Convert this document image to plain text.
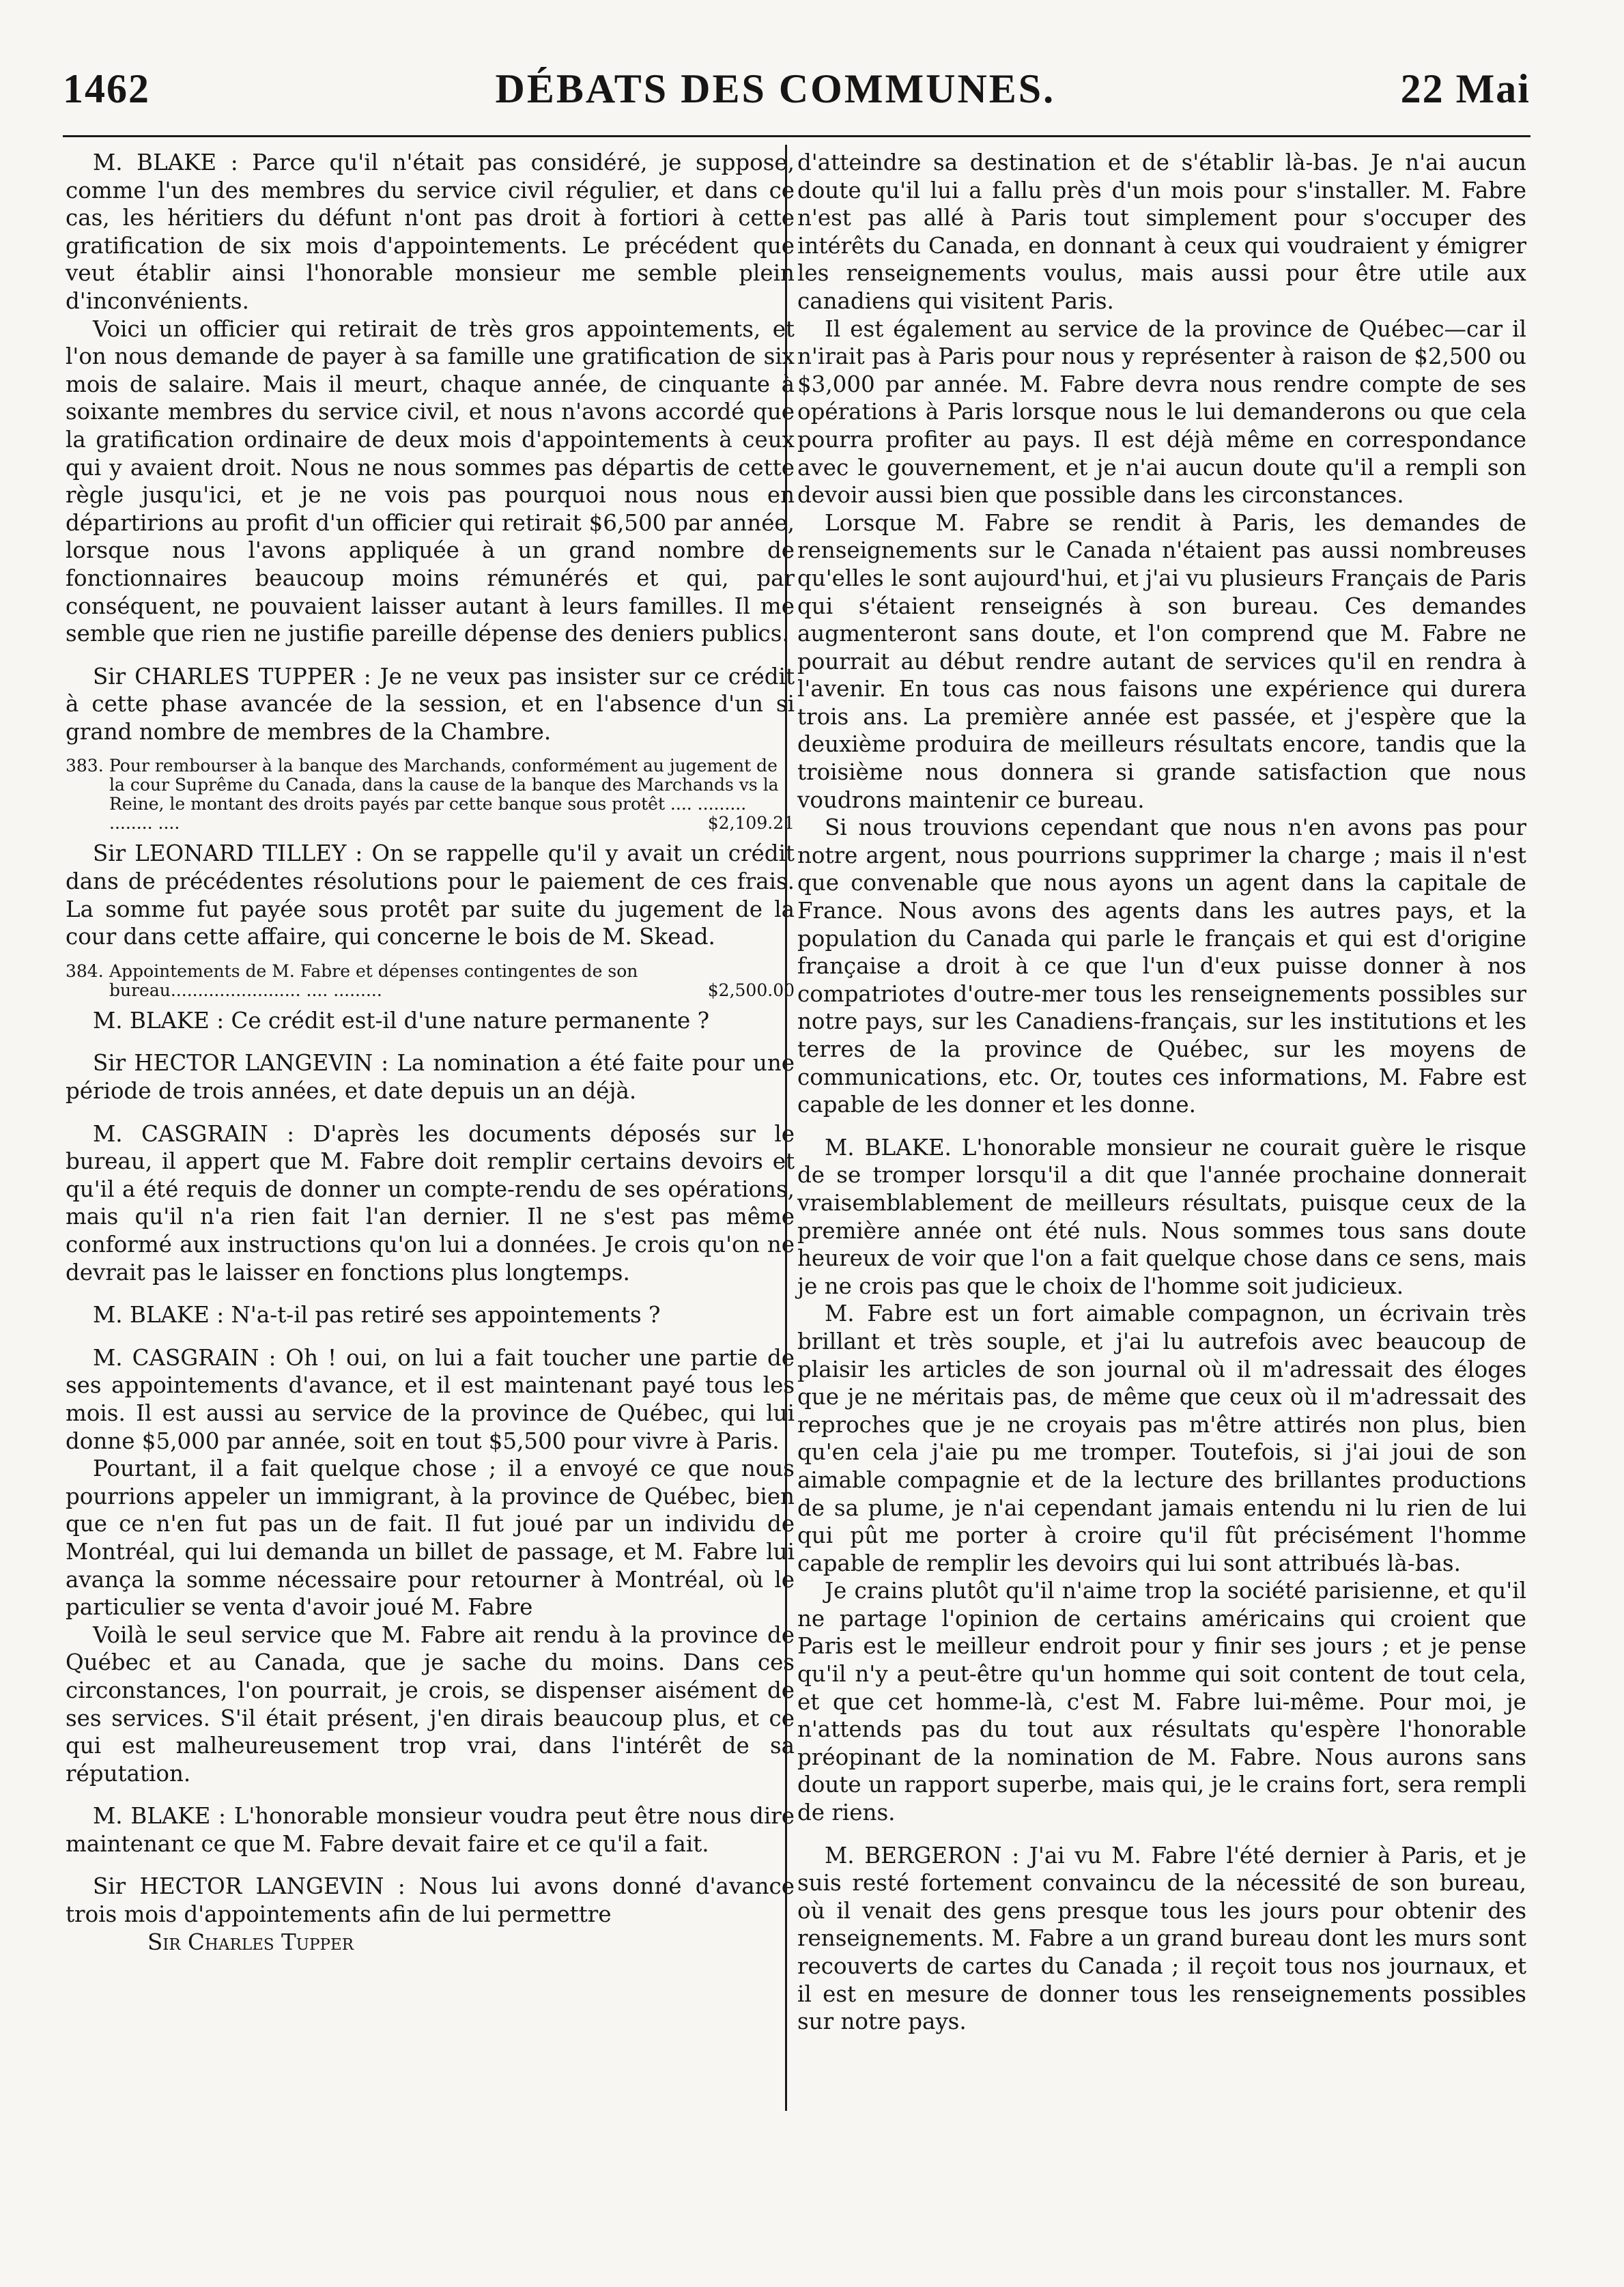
1462	DÉBATS DES COMMUNES.	22 Mai

M. BLAKE : Parce qu'il n'était pas considéré, je suppose, comme l'un des membres du service civil régulier, et dans ce cas, les héritiers du défunt n'ont pas droit à fortiori à cette gratification de six mois d'appointements. Le précédent que veut établir ainsi l'honorable monsieur me semble plein d'inconvénients.

Voici un officier qui retirait de très gros appointements, et l'on nous demande de payer à sa famille une gratification de six mois de salaire. Mais il meurt, chaque année, de cinquante à soixante membres du service civil, et nous n'avons accordé que la gratification ordinaire de deux mois d'appointements à ceux qui y avaient droit. Nous ne nous sommes pas départis de cette règle jusqu'ici, et je ne vois pas pourquoi nous nous en départirions au profit d'un officier qui retirait $6,500 par année, lorsque nous l'avons appliquée à un grand nombre de fonctionnaires beaucoup moins rémunérés et qui, par conséquent, ne pouvaient laisser autant à leurs familles. Il me semble que rien ne justifie pareille dépense des deniers publics.

Sir CHARLES TUPPER : Je ne veux pas insister sur ce crédit à cette phase avancée de la session, et en l'absence d'un si grand nombre de membres de la Chambre.

383. Pour rembourser à la banque des Marchands, conformément au jugement de la cour Suprême du Canada, dans la cause de la banque des Marchands vs la Reine, le montant des droits payés par cette banque sous protêt .... ......... ........ ....	$2,109.21

Sir LEONARD TILLEY : On se rappelle qu'il y avait un crédit dans de précédentes résolutions pour le paiement de ces frais. La somme fut payée sous protêt par suite du jugement de la cour dans cette affaire, qui concerne le bois de M. Skead.

384. Appointements de M. Fabre et dépenses contingentes de son bureau........................ .... .........	$2,500.00

M. BLAKE : Ce crédit est-il d'une nature permanente ?

Sir HECTOR LANGEVIN : La nomination a été faite pour une période de trois années, et date depuis un an déjà.

M. CASGRAIN : D'après les documents déposés sur le bureau, il appert que M. Fabre doit remplir certains devoirs et qu'il a été requis de donner un compte-rendu de ses opérations, mais qu'il n'a rien fait l'an dernier. Il ne s'est pas même conformé aux instructions qu'on lui a données. Je crois qu'on ne devrait pas le laisser en fonctions plus longtemps.

M. BLAKE : N'a-t-il pas retiré ses appointements ?

M. CASGRAIN : Oh ! oui, on lui a fait toucher une partie de ses appointements d'avance, et il est maintenant payé tous les mois. Il est aussi au service de la province de Québec, qui lui donne $5,000 par année, soit en tout $5,500 pour vivre à Paris.

Pourtant, il a fait quelque chose ; il a envoyé ce que nous pourrions appeler un immigrant, à la province de Québec, bien que ce n'en fut pas un de fait. Il fut joué par un individu de Montréal, qui lui demanda un billet de passage, et M. Fabre lui avança la somme nécessaire pour retourner à Montréal, où le particulier se venta d'avoir joué M. Fabre

Voilà le seul service que M. Fabre ait rendu à la province de Québec et au Canada, que je sache du moins. Dans ces circonstances, l'on pourrait, je crois, se dispenser aisément de ses services. S'il était présent, j'en dirais beaucoup plus, et ce qui est malheureusement trop vrai, dans l'intérêt de sa réputation.

M. BLAKE : L'honorable monsieur voudra peut être nous dire maintenant ce que M. Fabre devait faire et ce qu'il a fait.

Sir HECTOR LANGEVIN : Nous lui avons donné d'avance trois mois d'appointements afin de lui permettre

Sir Charles Tupper

d'atteindre sa destination et de s'établir là-bas. Je n'ai aucun doute qu'il lui a fallu près d'un mois pour s'installer. M. Fabre n'est pas allé à Paris tout simplement pour s'occuper des intérêts du Canada, en donnant à ceux qui voudraient y émigrer les renseignements voulus, mais aussi pour être utile aux canadiens qui visitent Paris.

Il est également au service de la province de Québec—car il n'irait pas à Paris pour nous y représenter à raison de $2,500 ou $3,000 par année. M. Fabre devra nous rendre compte de ses opérations à Paris lorsque nous le lui demanderons ou que cela pourra profiter au pays. Il est déjà même en correspondance avec le gouvernement, et je n'ai aucun doute qu'il a rempli son devoir aussi bien que possible dans les circonstances.

Lorsque M. Fabre se rendit à Paris, les demandes de renseignements sur le Canada n'étaient pas aussi nombreuses qu'elles le sont aujourd'hui, et j'ai vu plusieurs Français de Paris qui s'étaient renseignés à son bureau. Ces demandes augmenteront sans doute, et l'on comprend que M. Fabre ne pourrait au début rendre autant de services qu'il en rendra à l'avenir. En tous cas nous faisons une expérience qui durera trois ans. La première année est passée, et j'espère que la deuxième produira de meilleurs résultats encore, tandis que la troisième nous donnera si grande satisfaction que nous voudrons maintenir ce bureau.

Si nous trouvions cependant que nous n'en avons pas pour notre argent, nous pourrions supprimer la charge ; mais il n'est que convenable que nous ayons un agent dans la capitale de France. Nous avons des agents dans les autres pays, et la population du Canada qui parle le français et qui est d'origine française a droit à ce que l'un d'eux puisse donner à nos compatriotes d'outre-mer tous les renseignements possibles sur notre pays, sur les Canadiens-français, sur les institutions et les terres de la province de Québec, sur les moyens de communications, etc. Or, toutes ces informations, M. Fabre est capable de les donner et les donne.

M. BLAKE. L'honorable monsieur ne courait guère le risque de se tromper lorsqu'il a dit que l'année prochaine donnerait vraisemblablement de meilleurs résultats, puisque ceux de la première année ont été nuls. Nous sommes tous sans doute heureux de voir que l'on a fait quelque chose dans ce sens, mais je ne crois pas que le choix de l'homme soit judicieux.

M. Fabre est un fort aimable compagnon, un écrivain très brillant et très souple, et j'ai lu autrefois avec beaucoup de plaisir les articles de son journal où il m'adressait des éloges que je ne méritais pas, de même que ceux où il m'adressait des reproches que je ne croyais pas m'être attirés non plus, bien qu'en cela j'aie pu me tromper. Toutefois, si j'ai joui de son aimable compagnie et de la lecture des brillantes productions de sa plume, je n'ai cependant jamais entendu ni lu rien de lui qui pût me porter à croire qu'il fût précisément l'homme capable de remplir les devoirs qui lui sont attribués là-bas.

Je crains plutôt qu'il n'aime trop la société parisienne, et qu'il ne partage l'opinion de certains américains qui croient que Paris est le meilleur endroit pour y finir ses jours ; et je pense qu'il n'y a peut-être qu'un homme qui soit content de tout cela, et que cet homme-là, c'est M. Fabre lui-même. Pour moi, je n'attends pas du tout aux résultats qu'espère l'honorable préopinant de la nomination de M. Fabre. Nous aurons sans doute un rapport superbe, mais qui, je le crains fort, sera rempli de riens.

M. BERGERON : J'ai vu M. Fabre l'été dernier à Paris, et je suis resté fortement convaincu de la nécessité de son bureau, où il venait des gens presque tous les jours pour obtenir des renseignements. M. Fabre a un grand bureau dont les murs sont recouverts de cartes du Canada ; il reçoit tous nos journaux, et il est en mesure de donner tous les renseignements possibles sur notre pays.
